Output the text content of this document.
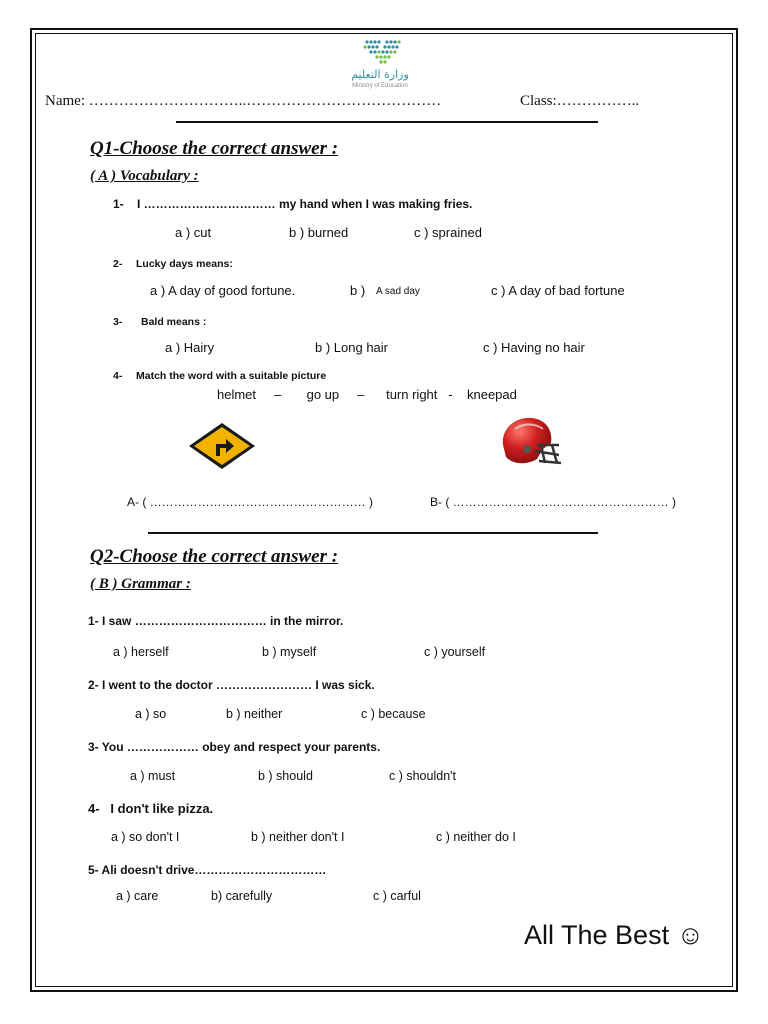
وزارة التعليم
Ministry of Education
Name: …………………………..…………………………………	Class:……………..
Q1-Choose the correct answer :
( A ) Vocabulary :
1- I …………………………… my hand when I was making fries.
a ) cut	b ) burned	c ) sprained
2- Lucky days means:
a ) A day of good fortune.	b ) A sad day	c ) A day of bad fortune
3- Bald means :
a ) Hairy	b ) Long hair	c ) Having no hair
4- Match the word with a suitable picture
helmet     –       go up     –      turn right   -    kneepad
A- ( ……………………………………………… )	B- ( ……………………………………………… )
Q2-Choose the correct answer :
( B ) Grammar :
1- I saw …………………………… in the mirror.
a ) herself	b ) myself	c ) yourself
2- I went to the doctor …………………… I was sick.
a ) so	b ) neither	c ) because
3- You ……………… obey and respect your parents.
a ) must	b ) should	c ) shouldn't
4-   I don't like pizza.
a ) so don't I	b ) neither don't I	c ) neither do I
5- Ali doesn't drive……………………………
a ) care	b) carefully	c ) carful
All The Best ☺
